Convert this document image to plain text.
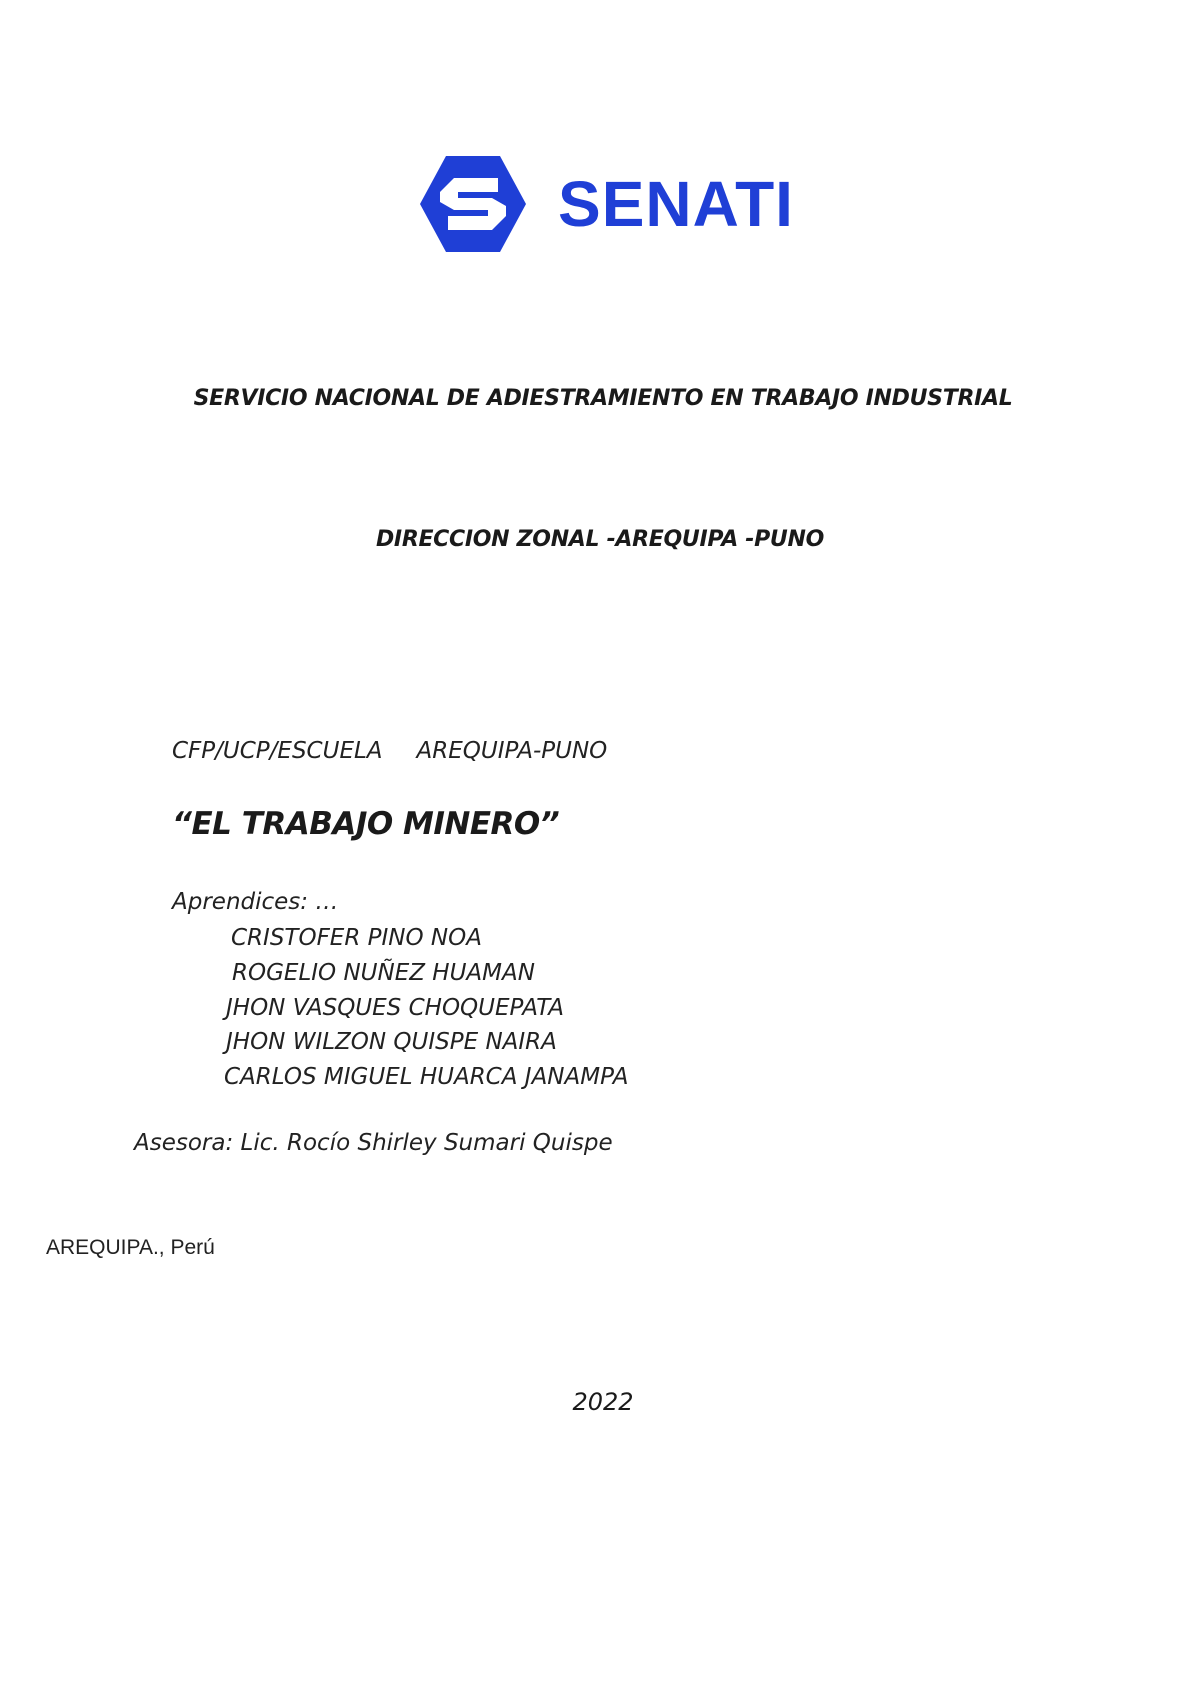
SENATI
SERVICIO NACIONAL DE ADIESTRAMIENTO EN TRABAJO INDUSTRIAL
DIRECCION ZONAL -AREQUIPA -PUNO
CFP/UCP/ESCUELA AREQUIPA-PUNO
“EL TRABAJO MINERO”
Aprendices: …
CRISTOFER PINO NOA
ROGELIO NUÑEZ HUAMAN
JHON VASQUES CHOQUEPATA
JHON WILZON QUISPE NAIRA
CARLOS MIGUEL HUARCA JANAMPA
Asesora: Lic. Rocío Shirley Sumari Quispe
AREQUIPA., Perú
2022
